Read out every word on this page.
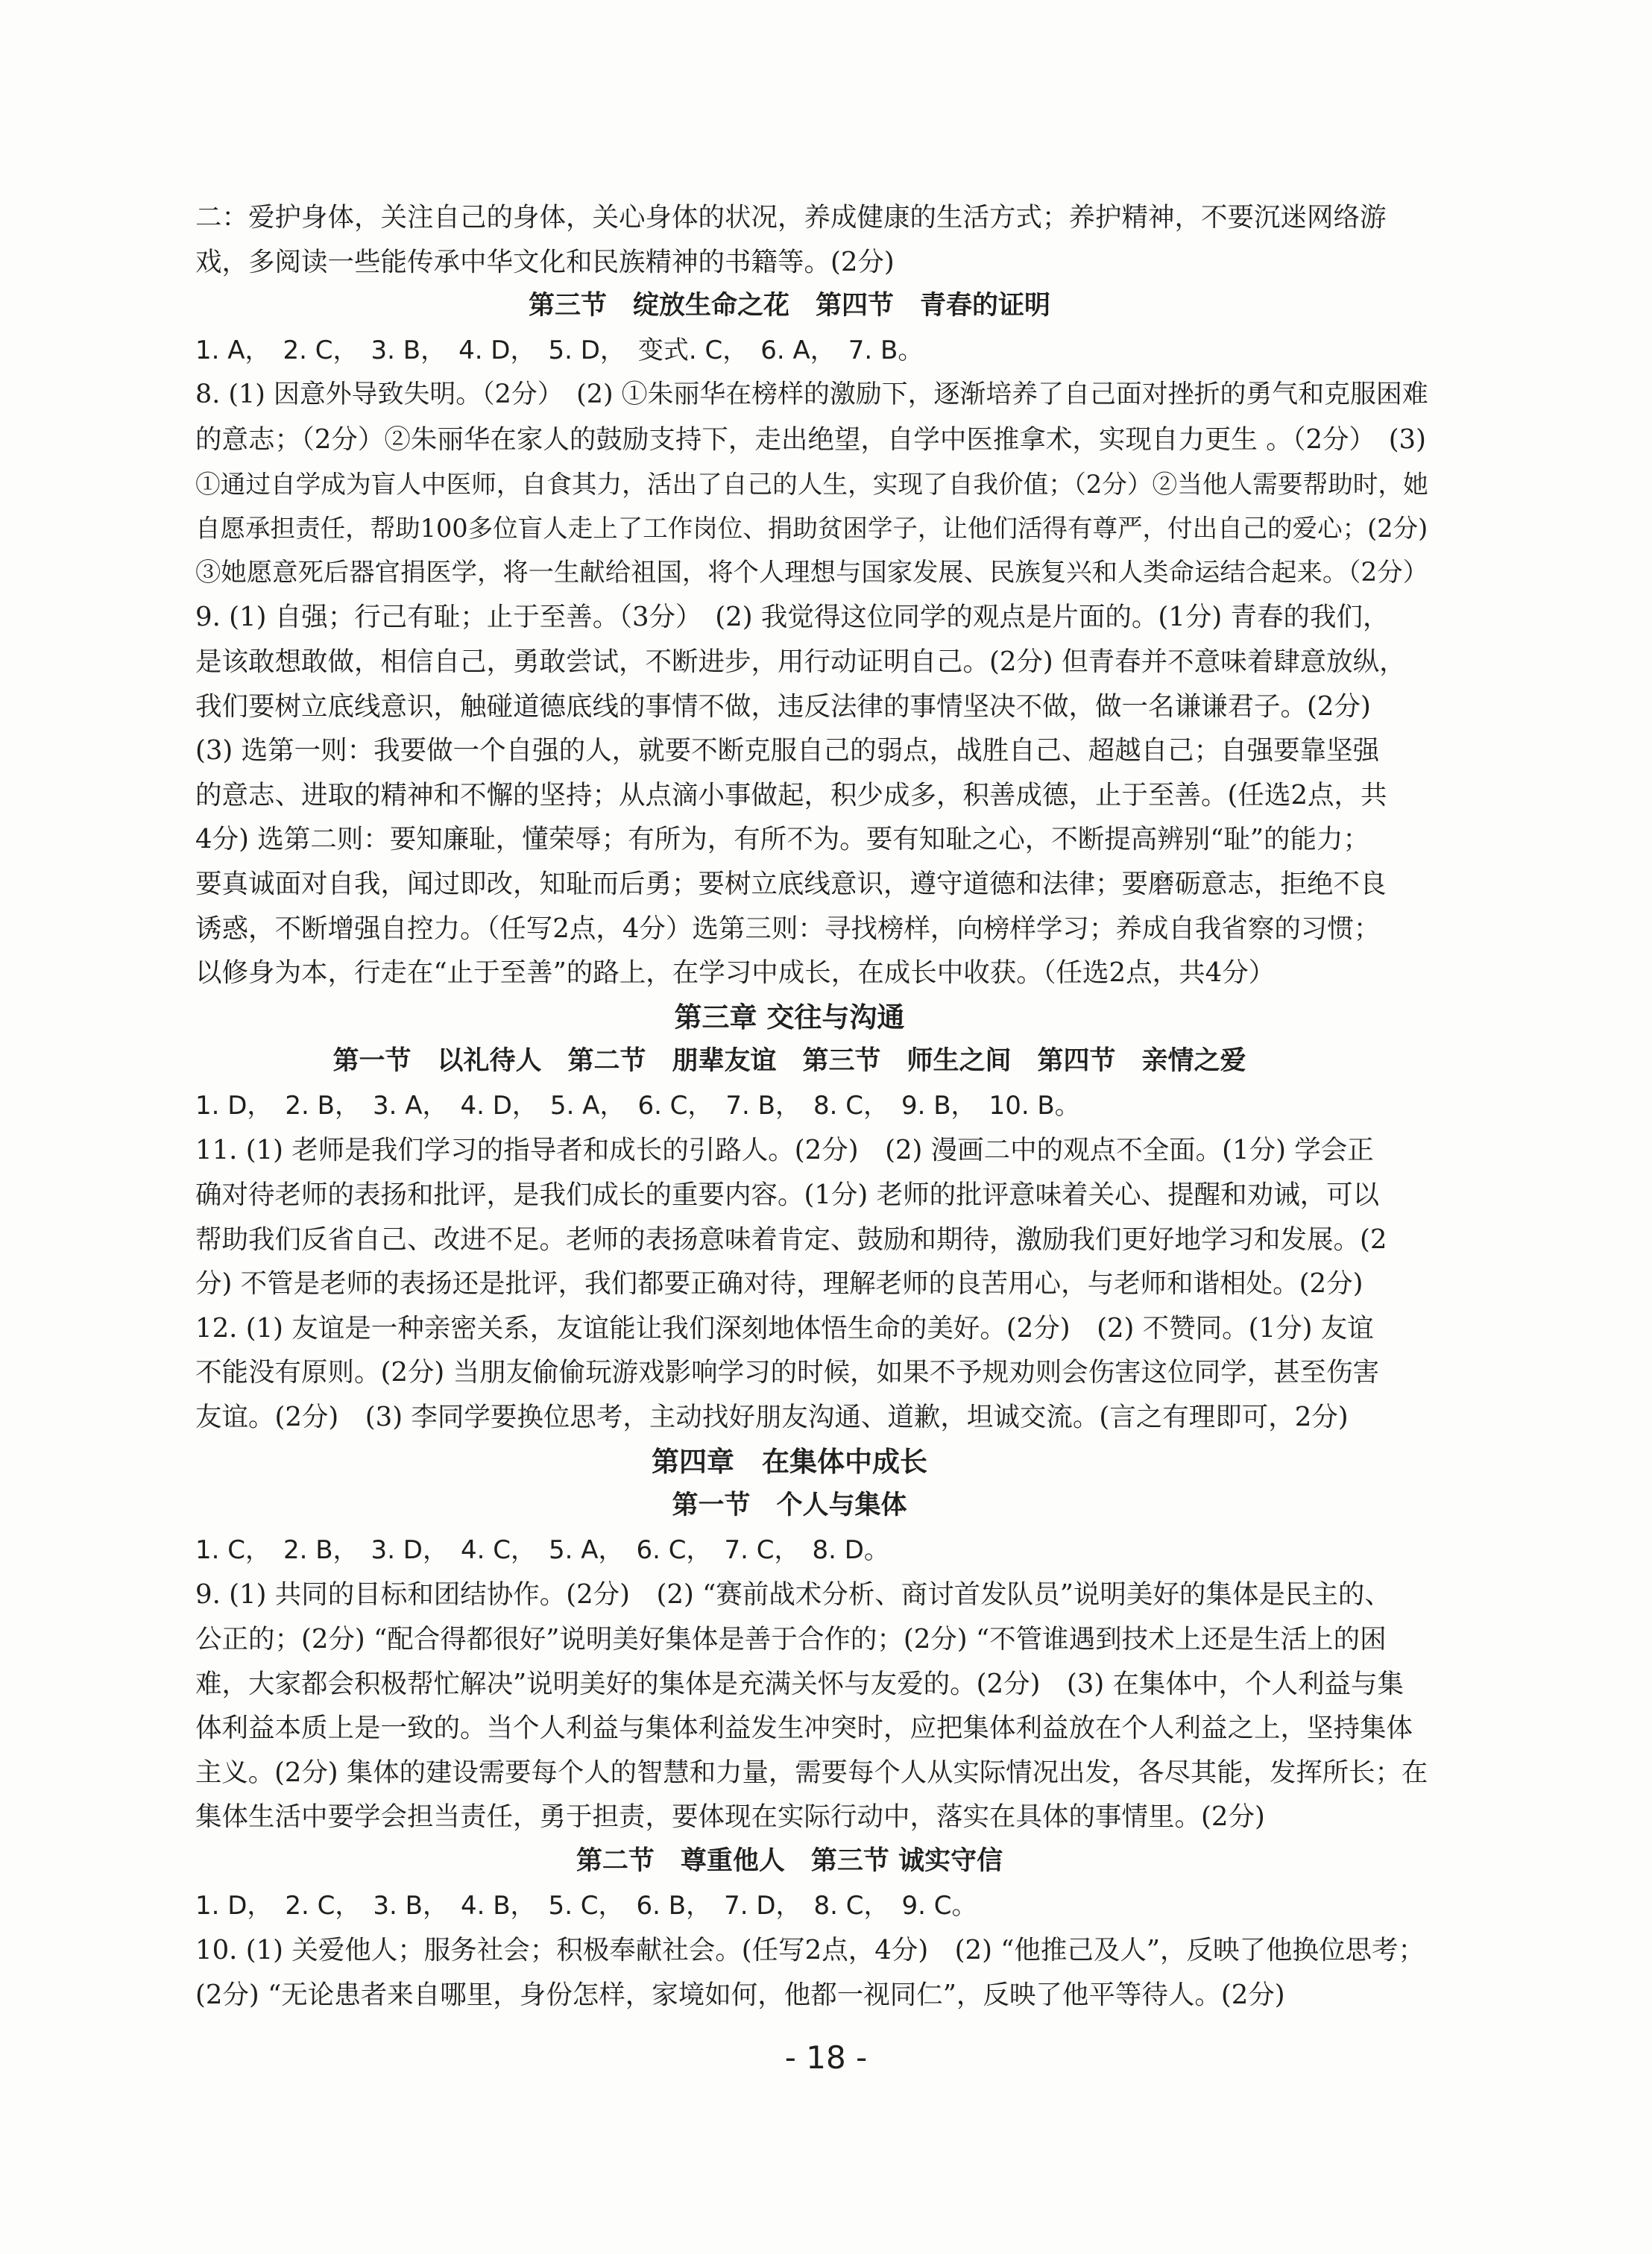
二：爱护身体，关注自己的身体，关心身体的状况，养成健康的生活方式；养护精神，不要沉迷网络游
戏，多阅读一些能传承中华文化和民族精神的书籍等。(2分)
第三节　绽放生命之花　第四节　青春的证明
1. A，　2. C，　3. B，　4. D，　5. D，　变式. C，　6. A，　7. B。
8. (1) 因意外导致失明。（2分）　(2) ①朱丽华在榜样的激励下，逐渐培养了自己面对挫折的勇气和克服困难
的意志；（2分）②朱丽华在家人的鼓励支持下，走出绝望，自学中医推拿术，实现自力更生 。（2分）　(3)
①通过自学成为盲人中医师，自食其力，活出了自己的人生，实现了自我价值；（2分）②当他人需要帮助时，她
自愿承担责任，帮助100多位盲人走上了工作岗位、捐助贫困学子，让他们活得有尊严，付出自己的爱心；(2分)
③她愿意死后器官捐医学，将一生献给祖国，将个人理想与国家发展、民族复兴和人类命运结合起来。（2分）
9. (1) 自强；行己有耻；止于至善。（3分）　(2) 我觉得这位同学的观点是片面的。(1分) 青春的我们，
是该敢想敢做，相信自己，勇敢尝试，不断进步，用行动证明自己。(2分) 但青春并不意味着肆意放纵，
我们要树立底线意识，触碰道德底线的事情不做，违反法律的事情坚决不做，做一名谦谦君子。(2分)
(3) 选第一则：我要做一个自强的人，就要不断克服自己的弱点，战胜自己、超越自己；自强要靠坚强
的意志、进取的精神和不懈的坚持；从点滴小事做起，积少成多，积善成德，止于至善。(任选2点，共
4分) 选第二则：要知廉耻，懂荣辱；有所为，有所不为。要有知耻之心，不断提高辨别“耻”的能力；
要真诚面对自我，闻过即改，知耻而后勇；要树立底线意识，遵守道德和法律；要磨砺意志，拒绝不良
诱惑，不断增强自控力。（任写2点，4分）选第三则：寻找榜样，向榜样学习；养成自我省察的习惯；
以修身为本，行走在“止于至善”的路上，在学习中成长，在成长中收获。（任选2点，共4分）
第三章 交往与沟通
第一节　以礼待人　第二节　朋辈友谊　第三节　师生之间　第四节　亲情之爱
1. D，　2. B，　3. A，　4. D，　5. A，　6. C，　7. B，　8. C，　9. B，　10. B。
11. (1) 老师是我们学习的指导者和成长的引路人。(2分)　(2) 漫画二中的观点不全面。(1分) 学会正
确对待老师的表扬和批评，是我们成长的重要内容。(1分) 老师的批评意味着关心、提醒和劝诫，可以
帮助我们反省自己、改进不足。老师的表扬意味着肯定、鼓励和期待，激励我们更好地学习和发展。(2
分) 不管是老师的表扬还是批评，我们都要正确对待，理解老师的良苦用心，与老师和谐相处。(2分)
12. (1) 友谊是一种亲密关系，友谊能让我们深刻地体悟生命的美好。(2分)　(2) 不赞同。(1分) 友谊
不能没有原则。(2分) 当朋友偷偷玩游戏影响学习的时候，如果不予规劝则会伤害这位同学，甚至伤害
友谊。(2分)　(3) 李同学要换位思考，主动找好朋友沟通、道歉，坦诚交流。(言之有理即可，2分)
第四章　在集体中成长
第一节　个人与集体
1. C，　2. B，　3. D，　4. C，　5. A，　6. C，　7. C，　8. D。
9. (1) 共同的目标和团结协作。(2分)　(2) “赛前战术分析、商讨首发队员”说明美好的集体是民主的、
公正的；(2分) “配合得都很好”说明美好集体是善于合作的；(2分) “不管谁遇到技术上还是生活上的困
难，大家都会积极帮忙解决”说明美好的集体是充满关怀与友爱的。(2分)　(3) 在集体中，个人利益与集
体利益本质上是一致的。当个人利益与集体利益发生冲突时，应把集体利益放在个人利益之上，坚持集体
主义。(2分) 集体的建设需要每个人的智慧和力量，需要每个人从实际情况出发，各尽其能，发挥所长；在
集体生活中要学会担当责任，勇于担责，要体现在实际行动中，落实在具体的事情里。(2分)
第二节　尊重他人　第三节 诚实守信
1. D，　2. C，　3. B，　4. B，　5. C，　6. B，　7. D，　8. C，　9. C。
10. (1) 关爱他人；服务社会；积极奉献社会。(任写2点，4分)　(2) “他推己及人”，反映了他换位思考；
(2分) “无论患者来自哪里，身份怎样，家境如何，他都一视同仁”，反映了他平等待人。(2分)
- 18 -
